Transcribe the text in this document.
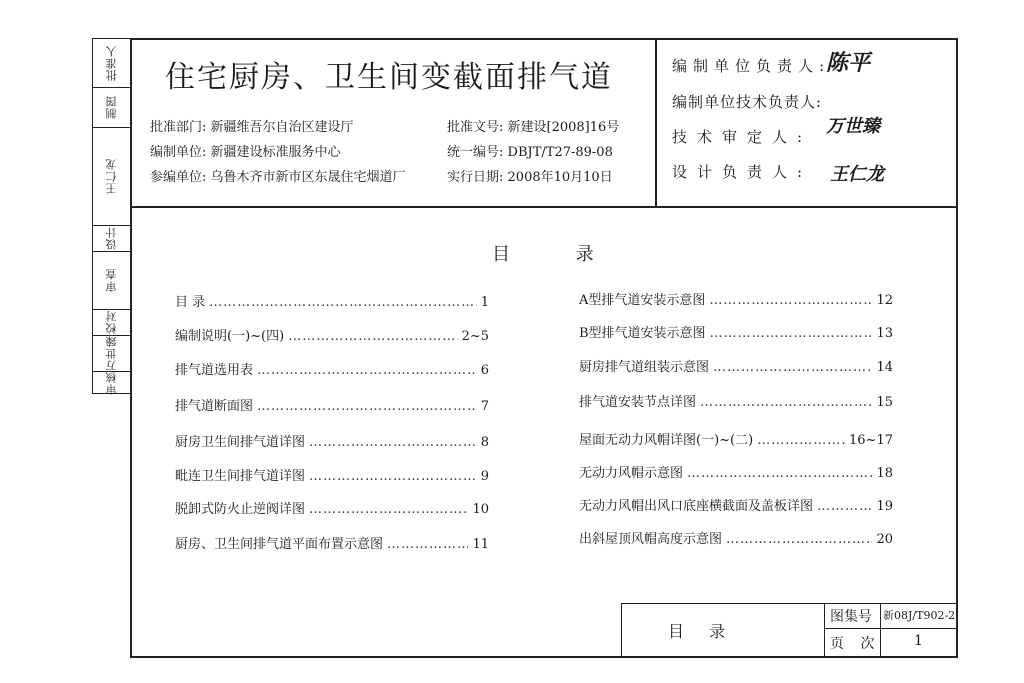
批准人
制图
王仁龙
设计
审查
校对
万世臻
审核
住宅厨房、卫生间变截面排气道
批准部门: 新疆维吾尔自治区建设厅
编制单位: 新疆建设标准服务中心
参编单位: 乌鲁木齐市新市区东晟住宅烟道厂
批准文号: 新建设[2008]16号
统一编号: DBJT/T27-89-08
实行日期: 2008年10月10日
编制单位负责人:
陈平
编制单位技术负责人:
技术审定人: 万世臻
设计负责人: 王仁龙
目 录
目 录 ……………………………………………………………………………………………………………………	1
编制说明(一)~(四) ……………………………………………………………………………………………………………………	2~5
排气道选用表 ……………………………………………………………………………………………………………………	6
排气道断面图 ……………………………………………………………………………………………………………………	7
厨房卫生间排气道详图 ……………………………………………………………………………………………………………………	8
毗连卫生间排气道详图 ……………………………………………………………………………………………………………………	9
脱卸式防火止逆阀详图 ……………………………………………………………………………………………………………………	10
厨房、卫生间排气道平面布置示意图 ……………………………………………………………………………………………………………………	11
A型排气道安装示意图 ……………………………………………………………………………………………………………………	12
B型排气道安装示意图 ……………………………………………………………………………………………………………………	13
厨房排气道组装示意图 ……………………………………………………………………………………………………………………	14
排气道安装节点详图 ……………………………………………………………………………………………………………………	15
屋面无动力风帽详图(一)~(二) ……………………………………………………………………………………………………………………	16~17
无动力风帽示意图 ……………………………………………………………………………………………………………………	18
无动力风帽出风口底座横截面及盖板详图 ……………………………………………………………………………………………………………………	19
出斜屋顶风帽高度示意图 ……………………………………………………………………………………………………………………	20
目 录
图集号 新08J/T902-2
页 次 1
